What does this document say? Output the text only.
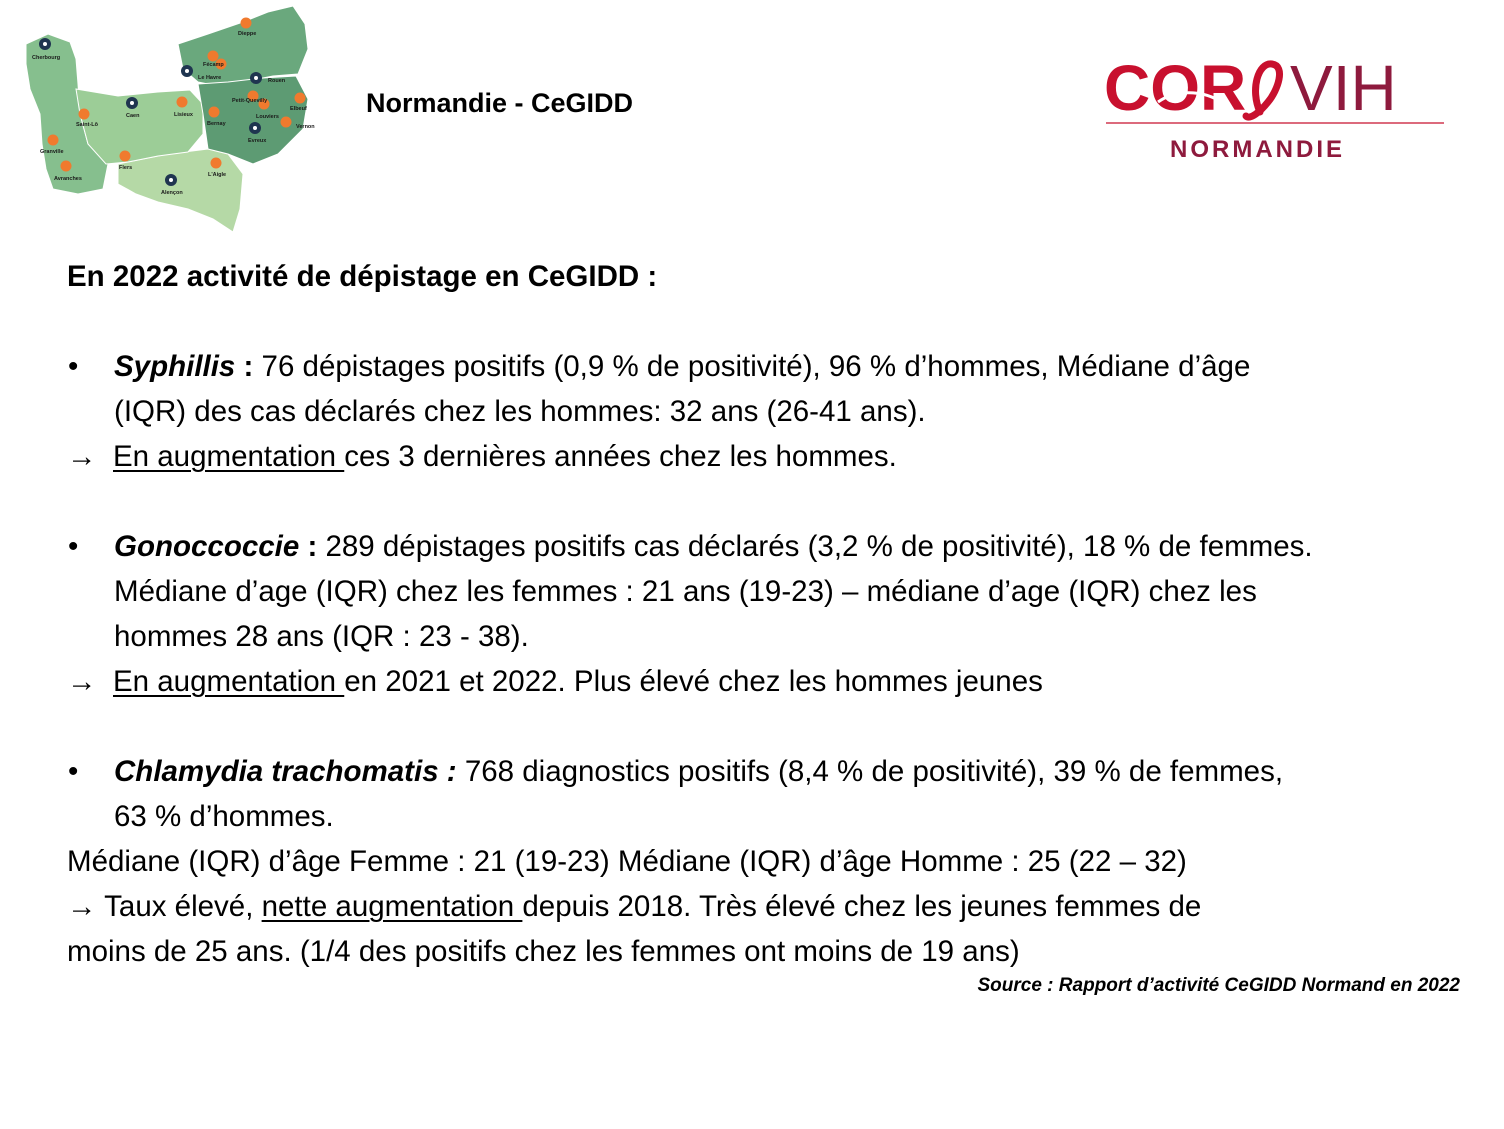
Cherbourg
Dieppe
Le Havre
Fécamp
Rouen
Petit-Quevilly
Elbeuf
Louviers
Vernon
Saint-Lô
Caen	Lisieux
Bernay
Evreux
Granville
Avranches
Flers
L'Aigle
Alençon
Normandie - CeGIDD	COR VIH
NORMANDIE
En 2022 activité de dépistage en CeGIDD :
• Syphillis : 76 dépistages positifs (0,9 % de positivité), 96 % d’hommes, Médiane d’âge
(IQR) des cas déclarés chez les hommes: 32 ans (26-41 ans).
→ En augmentation ces 3 dernières années chez les hommes.
• Gonoccoccie : 289 dépistages positifs cas déclarés (3,2 % de positivité), 18 % de femmes.
Médiane d’age (IQR) chez les femmes : 21 ans (19-23) – médiane d’age (IQR) chez les
hommes 28 ans (IQR : 23 - 38).
→ En augmentation en 2021 et 2022. Plus élevé chez les hommes jeunes
• Chlamydia trachomatis : 768 diagnostics positifs (8,4 % de positivité), 39 % de femmes,
63 % d’hommes.
Médiane (IQR) d’âge Femme : 21 (19-23) Médiane (IQR) d’âge Homme : 25 (22 – 32)
→ Taux élevé, nette augmentation depuis 2018. Très élevé chez les jeunes femmes de
moins de 25 ans. (1/4 des positifs chez les femmes ont moins de 19 ans)
Source : Rapport d’activité CeGIDD Normand en 2022
